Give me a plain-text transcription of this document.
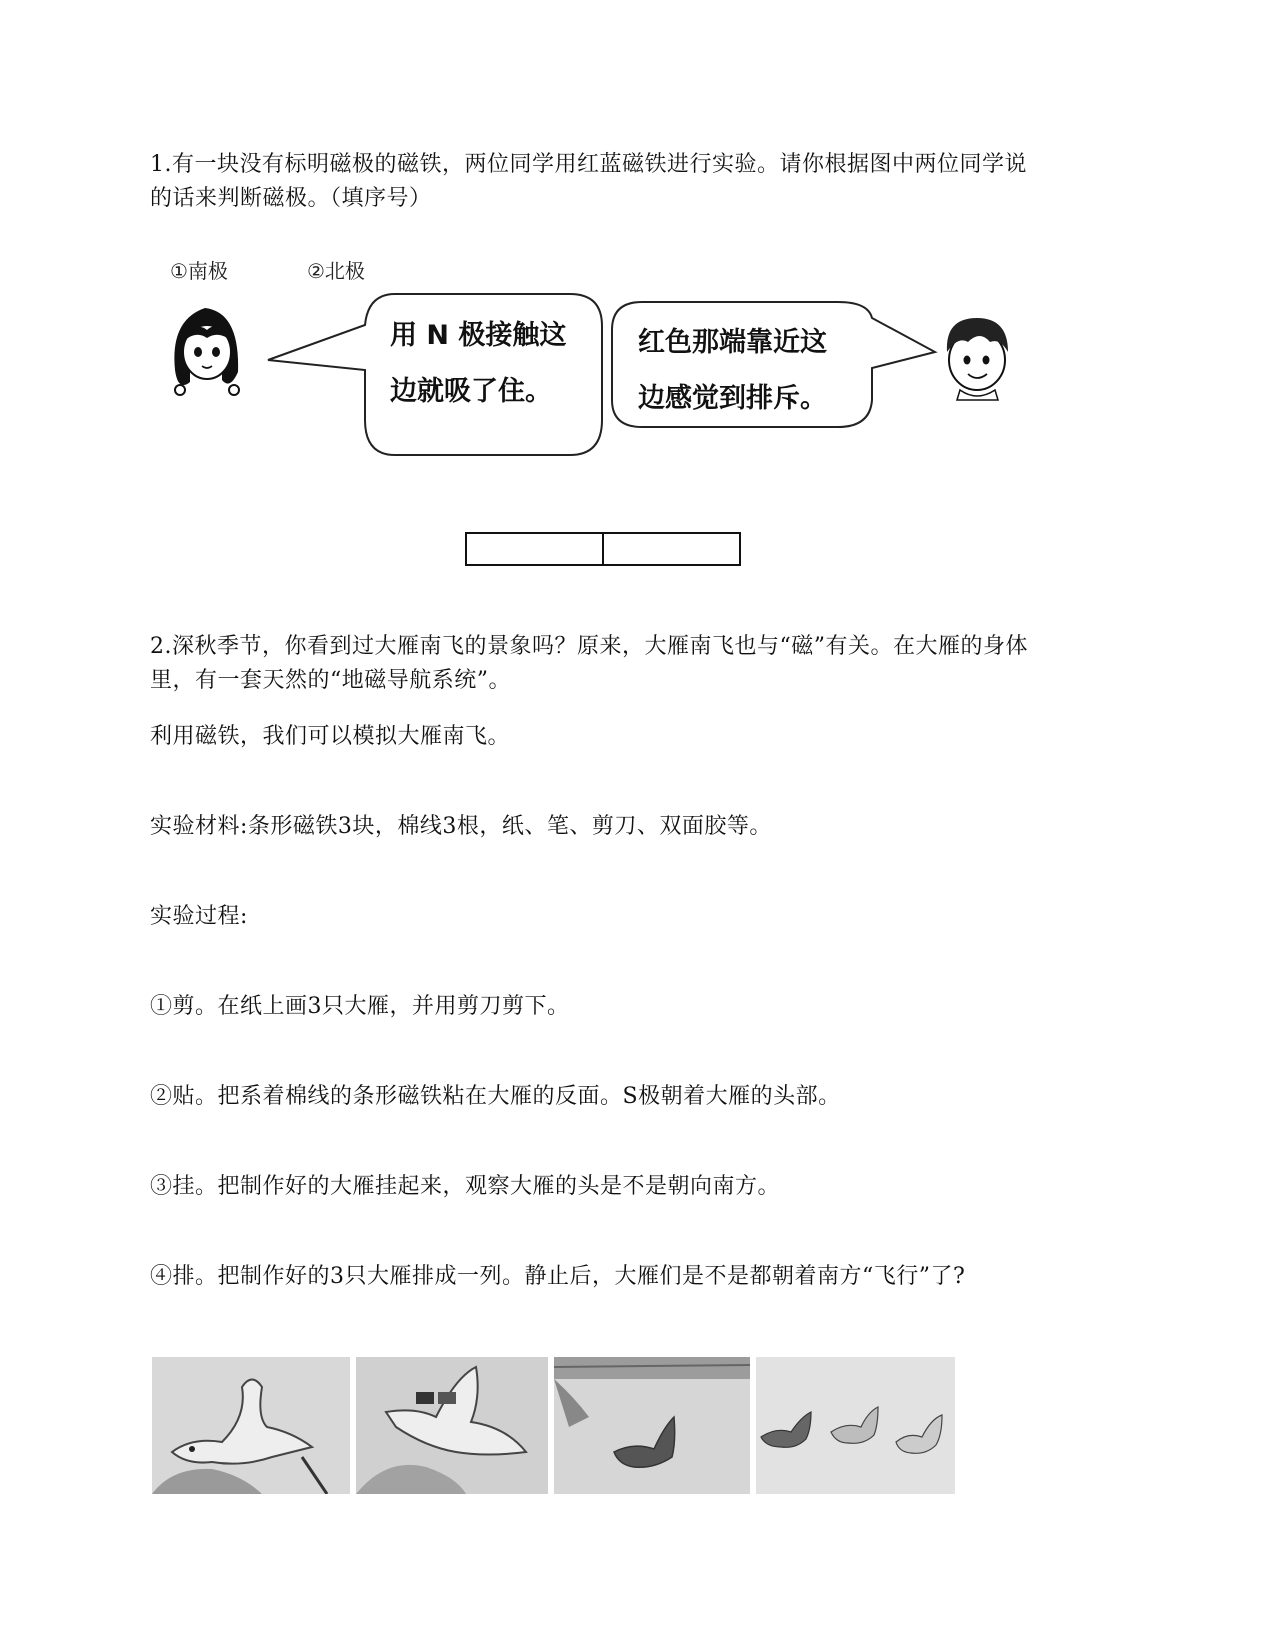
1.有一块没有标明磁极的磁铁，两位同学用红蓝磁铁进行实验。请你根据图中两位同学说
的话来判断磁极。（填序号）
①南极	②北极
用 N 极接触这
边就吸了住。
红色那端靠近这
边感觉到排斥。
2.深秋季节，你看到过大雁南飞的景象吗？原来，大雁南飞也与“磁”有关。在大雁的身体
里，有一套天然的“地磁导航系统”。
利用磁铁，我们可以模拟大雁南飞。
实验材料:条形磁铁3块，棉线3根，纸、笔、剪刀、双面胶等。
实验过程:
①剪。在纸上画3只大雁，并用剪刀剪下。
②贴。把系着棉线的条形磁铁粘在大雁的反面。S极朝着大雁的头部。
③挂。把制作好的大雁挂起来，观察大雁的头是不是朝向南方。
④排。把制作好的3只大雁排成一列。静止后，大雁们是不是都朝着南方“飞行”了?
